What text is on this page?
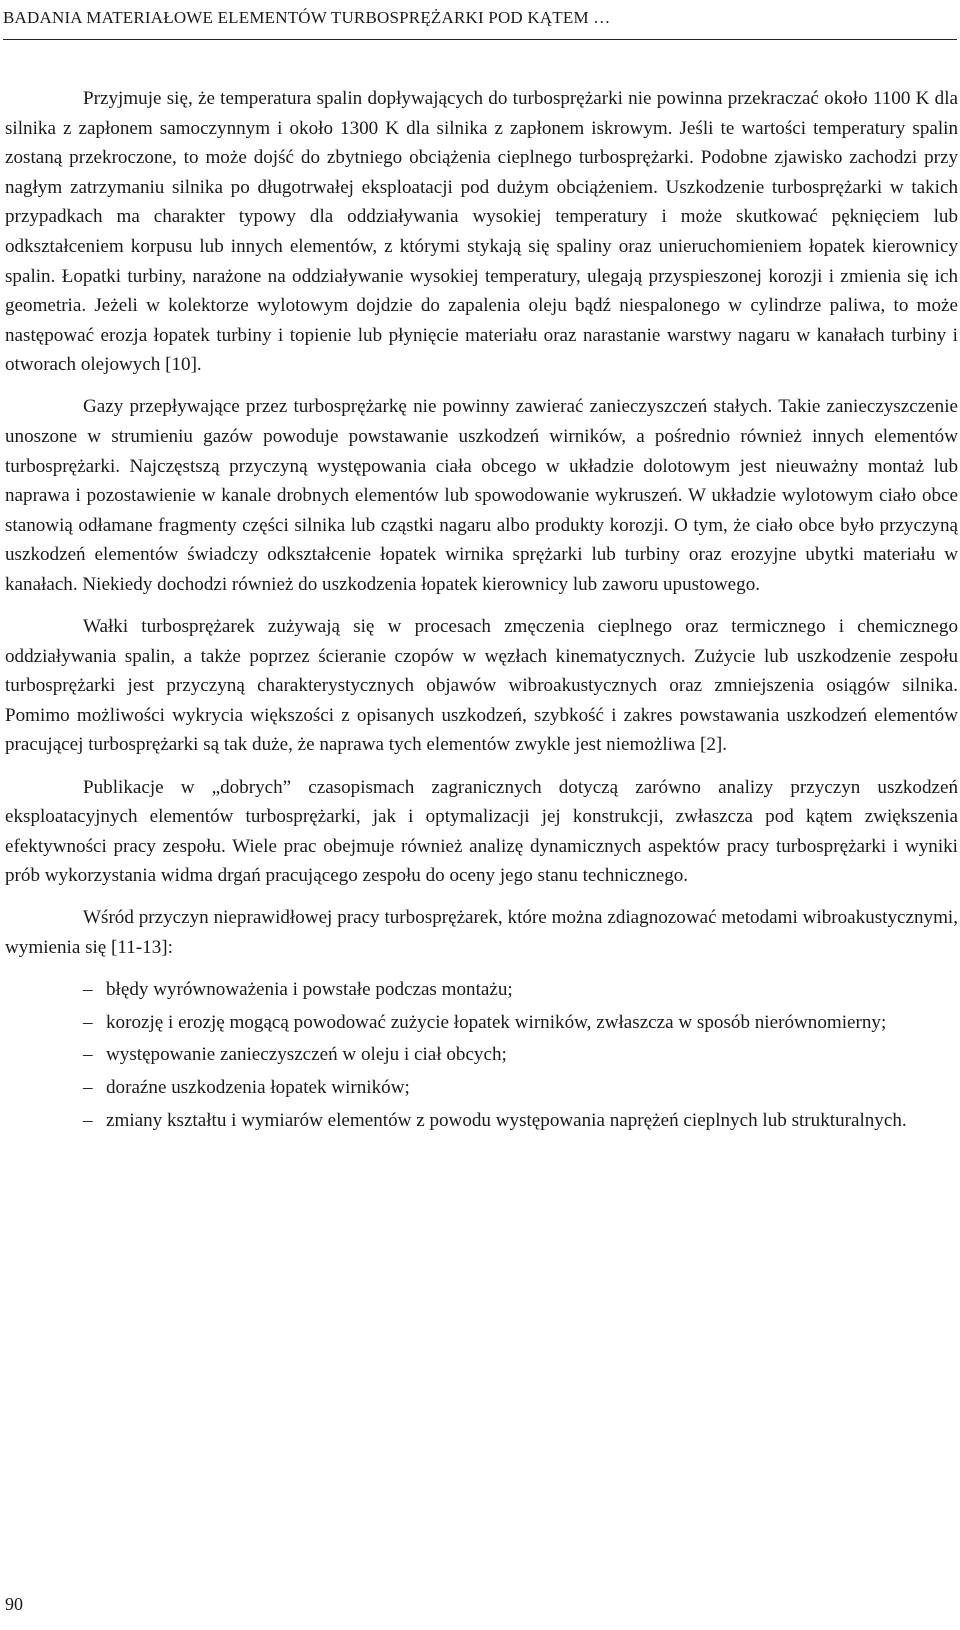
BADANIA MATERIAŁOWE ELEMENTÓW TURBOSPRĘŻARKI POD KĄTEM …

Przyjmuje się, że temperatura spalin dopływających do turbosprężarki nie powinna przekraczać około 1100 K dla silnika z zapłonem samoczynnym i około 1300 K dla silnika z zapłonem iskrowym. Jeśli te wartości temperatury spalin zostaną przekroczone, to może dojść do zbytniego obciążenia cieplnego turbosprężarki. Podobne zjawisko zachodzi przy nagłym zatrzymaniu silnika po długotrwałej eksploatacji pod dużym obciążeniem. Uszkodzenie turbosprężarki w takich przypadkach ma charakter typowy dla oddziaływania wysokiej temperatury i może skutkować pęknięciem lub odkształceniem korpusu lub innych elementów, z którymi stykają się spaliny oraz unieruchomieniem łopatek kierownicy spalin. Łopatki turbiny, narażone na oddziaływanie wysokiej temperatury, ulegają przyspieszonej korozji i zmienia się ich geometria. Jeżeli w kolektorze wylotowym dojdzie do zapalenia oleju bądź niespalonego w cylindrze paliwa, to może następować erozja łopatek turbiny i topienie lub płynięcie materiału oraz narastanie warstwy nagaru w kanałach turbiny i otworach olejowych [10].

Gazy przepływające przez turbosprężarkę nie powinny zawierać zanieczyszczeń stałych. Takie zanieczyszczenie unoszone w strumieniu gazów powoduje powstawanie uszkodzeń wirników, a pośrednio również innych elementów turbosprężarki. Najczęstszą przyczyną występowania ciała obcego w układzie dolotowym jest nieuważny montaż lub naprawa i pozostawienie w kanale drobnych elementów lub spowodowanie wykruszeń. W układzie wylotowym ciało obce stanowią odłamane fragmenty części silnika lub cząstki nagaru albo produkty korozji. O tym, że ciało obce było przyczyną uszkodzeń elementów świadczy odkształcenie łopatek wirnika sprężarki lub turbiny oraz erozyjne ubytki materiału w kanałach. Niekiedy dochodzi również do uszkodzenia łopatek kierownicy lub zaworu upustowego.

Wałki turbosprężarek zużywają się w procesach zmęczenia cieplnego oraz termicznego i chemicznego oddziaływania spalin, a także poprzez ścieranie czopów w węzłach kinematycznych. Zużycie lub uszkodzenie zespołu turbosprężarki jest przyczyną charakterystycznych objawów wibroakustycznych oraz zmniejszenia osiągów silnika. Pomimo możliwości wykrycia większości z opisanych uszkodzeń, szybkość i zakres powstawania uszkodzeń elementów pracującej turbosprężarki są tak duże, że naprawa tych elementów zwykle jest niemożliwa [2].

Publikacje w „dobrych” czasopismach zagranicznych dotyczą zarówno analizy przyczyn uszkodzeń eksploatacyjnych elementów turbosprężarki, jak i optymalizacji jej konstrukcji, zwłaszcza pod kątem zwiększenia efektywności pracy zespołu. Wiele prac obejmuje również analizę dynamicznych aspektów pracy turbosprężarki i wyniki prób wykorzystania widma drgań pracującego zespołu do oceny jego stanu technicznego.

Wśród przyczyn nieprawidłowej pracy turbosprężarek, które można zdiagnozować metodami wibroakustycznymi, wymienia się [11-13]:

– błędy wyrównoważenia i powstałe podczas montażu;
– korozję i erozję mogącą powodować zużycie łopatek wirników, zwłaszcza w sposób nierównomierny;
– występowanie zanieczyszczeń w oleju i ciał obcych;
– doraźne uszkodzenia łopatek wirników;
– zmiany kształtu i wymiarów elementów z powodu występowania naprężeń cieplnych lub strukturalnych.
90
